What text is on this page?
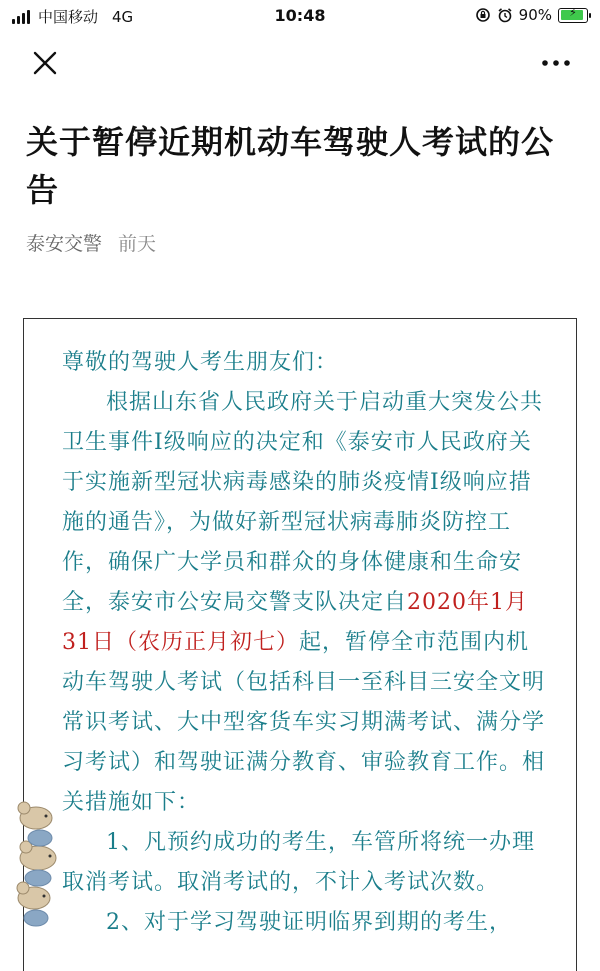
中国移动 4G	10:48	90%	⚡
关于暂停近期机动车驾驶人考试的公告
泰安交警 前天

尊敬的驾驶人考生朋友们：

根据山东省人民政府关于启动重大突发公共卫生事件Ⅰ级响应的决定和《泰安市人民政府关于实施新型冠状病毒感染的肺炎疫情Ⅰ级响应措施的通告》，为做好新型冠状病毒肺炎防控工作，确保广大学员和群众的身体健康和生命安全，泰安市公安局交警支队决定自2020年1月31日（农历正月初七）起，暂停全市范围内机动车驾驶人考试（包括科目一至科目三安全文明常识考试、大中型客货车实习期满考试、满分学习考试）和驾驶证满分教育、审验教育工作。相关措施如下：

1、凡预约成功的考生，车管所将统一办理取消考试。取消考试的，不计入考试次数。

2、对于学习驾驶证明临界到期的考生，
